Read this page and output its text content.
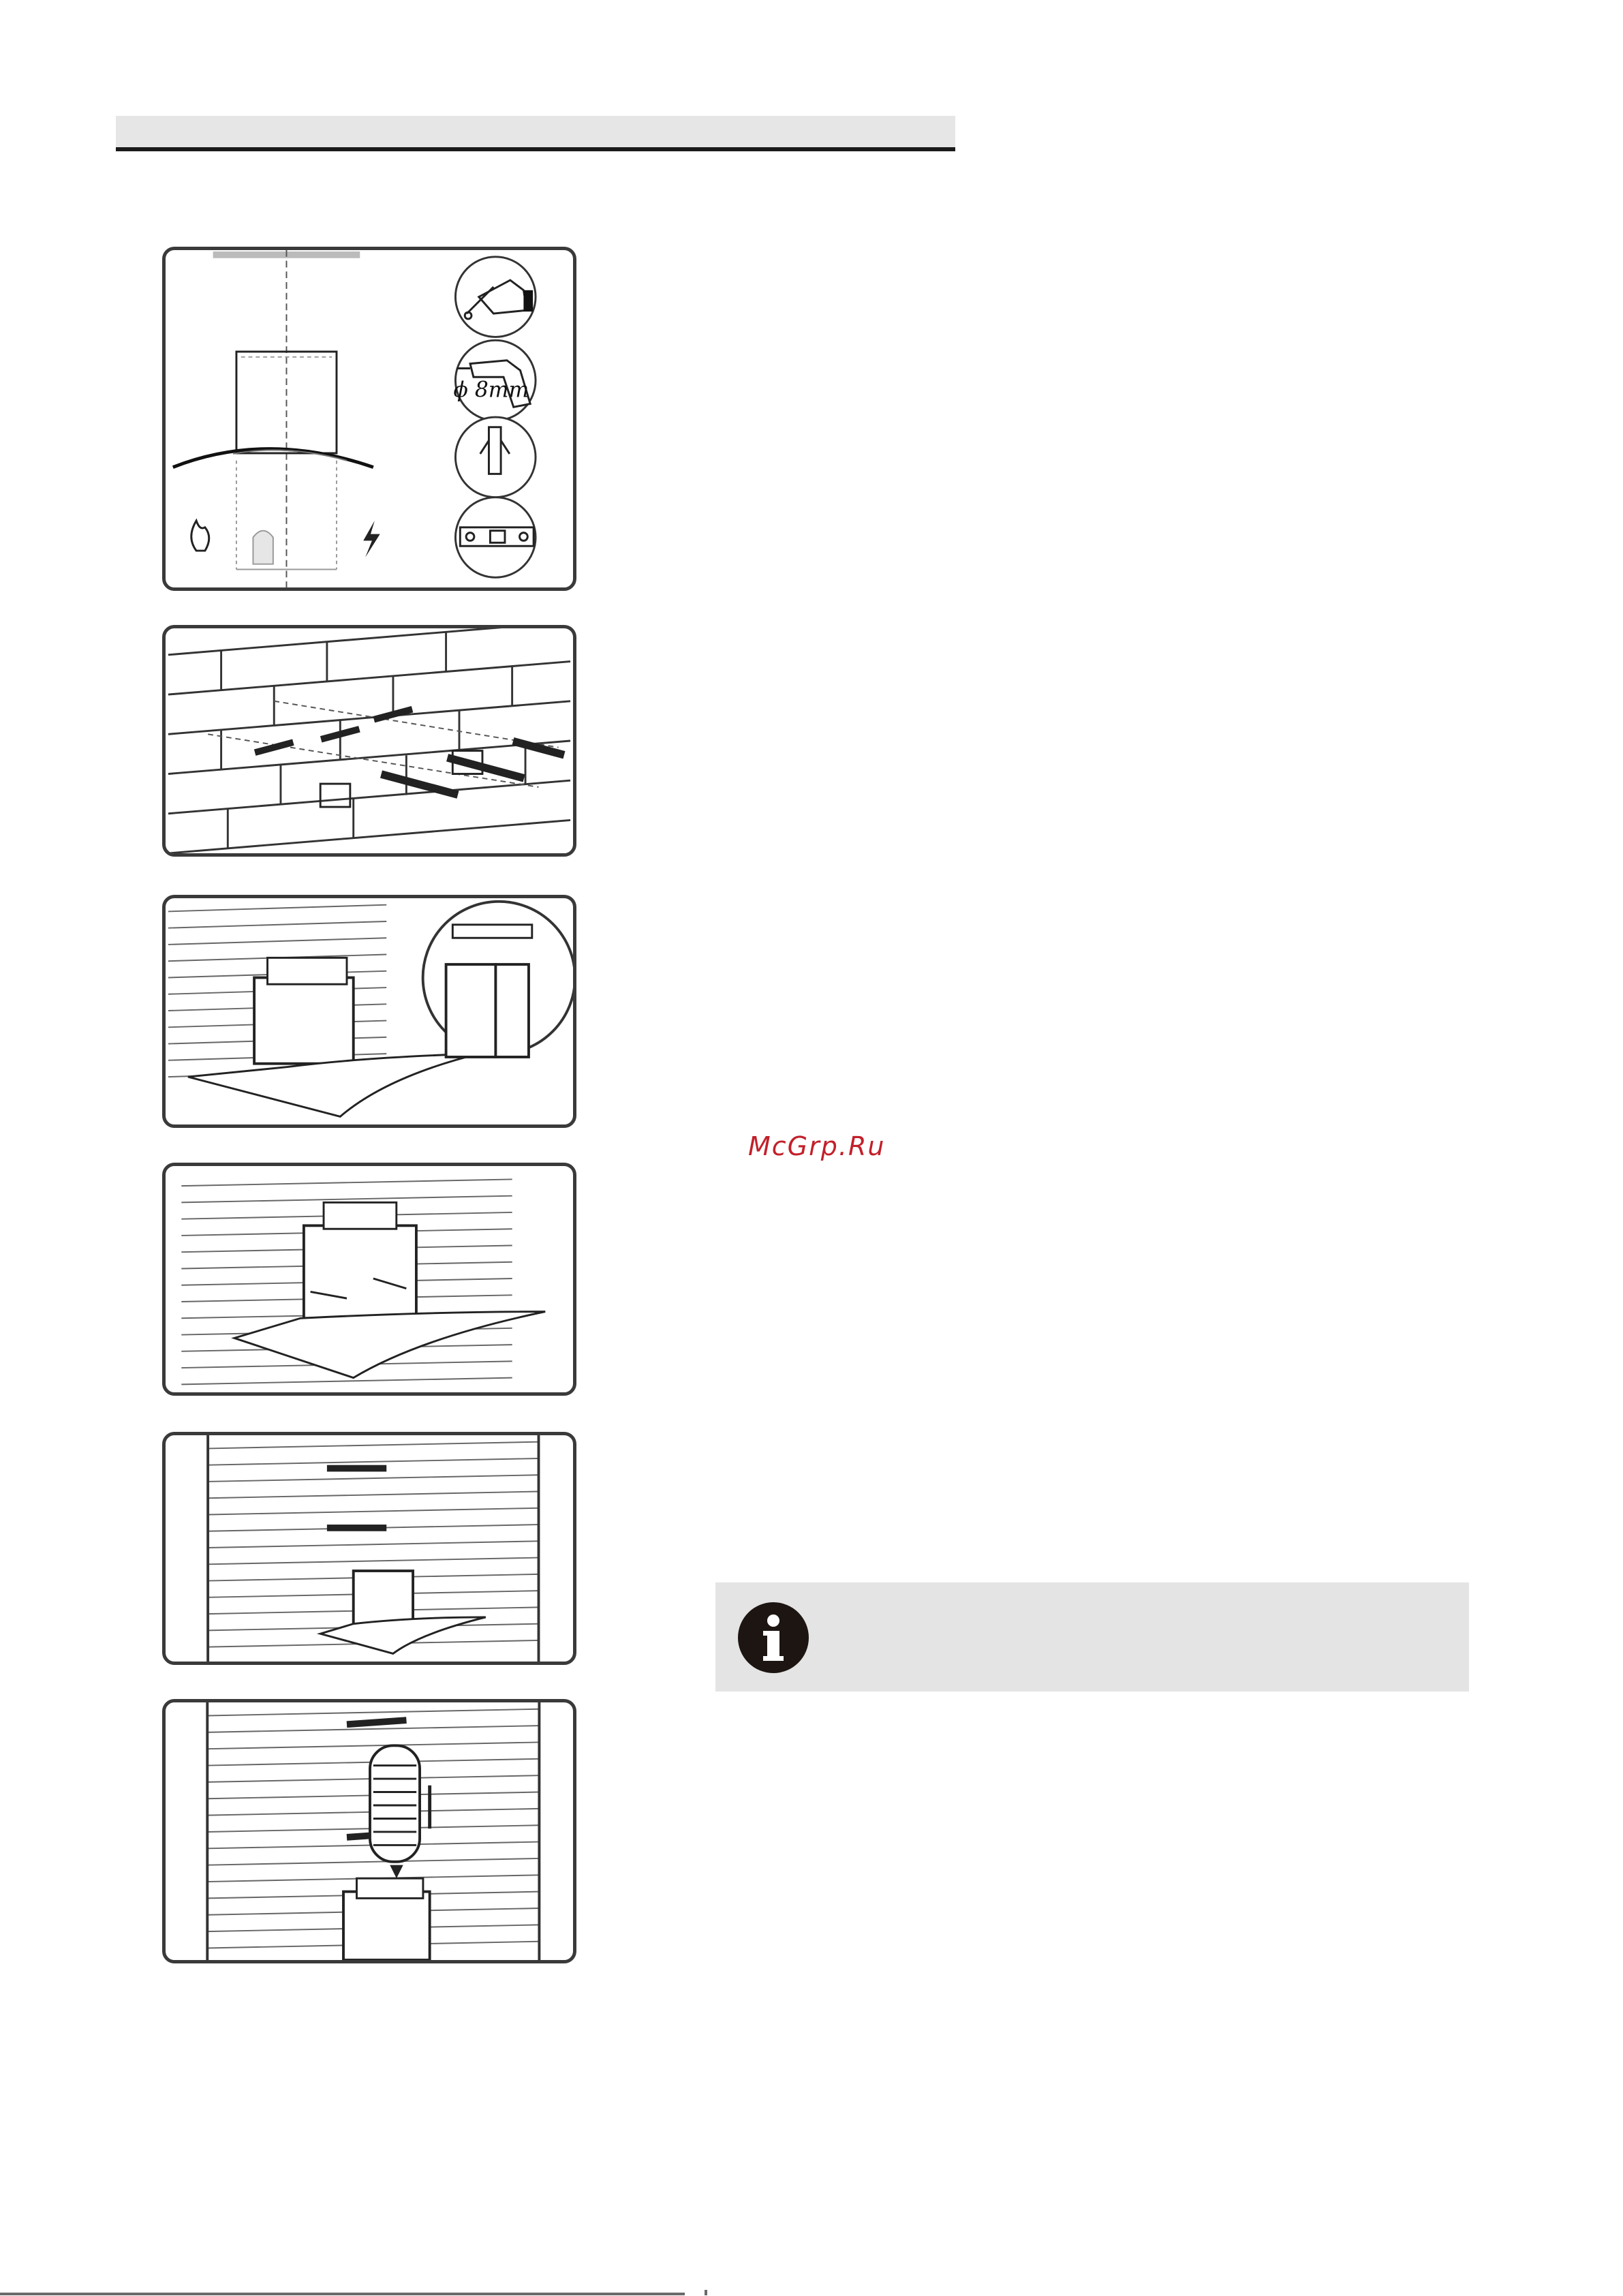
ϕ 8mm
McGrp.Ru
